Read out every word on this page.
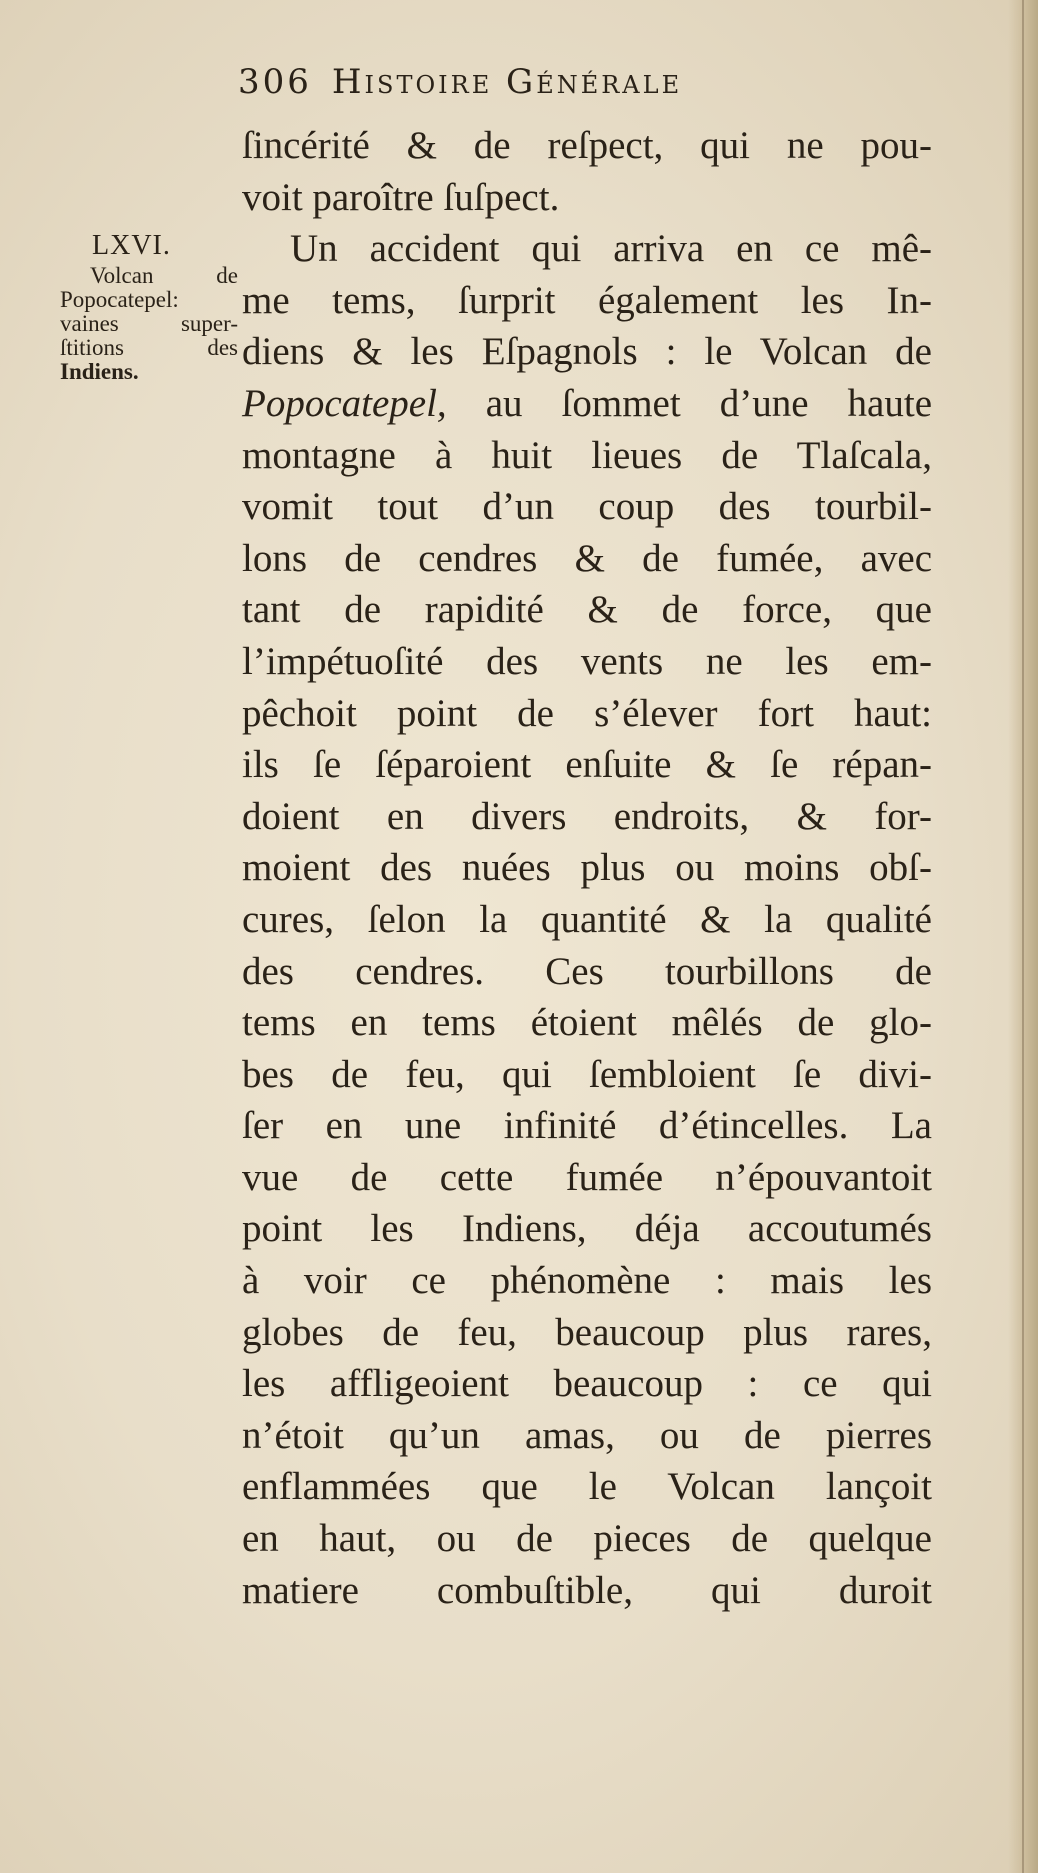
306 Histoire Générale
LXVI.
Volcan de
Popocatepel:
vaines super-
ſtitions des
Indiens.
ſincérité & de reſpect, qui ne pou-
voit paroître ſuſpect.
Un accident qui arriva en ce mê-
me tems, ſurprit également les In-
diens & les Eſpagnols : le Volcan de
Popocatepel, au ſommet d’une haute
montagne à huit lieues de Tlaſcala,
vomit tout d’un coup des tourbil-
lons de cendres & de fumée, avec
tant de rapidité & de force, que
l’impétuoſité des vents ne les em-
pêchoit point de s’élever fort haut:
ils ſe ſéparoient enſuite & ſe répan-
doient en divers endroits, & for-
moient des nuées plus ou moins obſ-
cures, ſelon la quantité & la qualité
des cendres. Ces tourbillons de
tems en tems étoient mêlés de glo-
bes de feu, qui ſembloient ſe divi-
ſer en une infinité d’étincelles. La
vue de cette fumée n’épouvantoit
point les Indiens, déja accoutumés
à voir ce phénomène : mais les
globes de feu, beaucoup plus rares,
les affligeoient beaucoup : ce qui
n’étoit qu’un amas, ou de pierres
enflammées que le Volcan lançoit
en haut, ou de pieces de quelque
matiere combuſtible, qui duroit
